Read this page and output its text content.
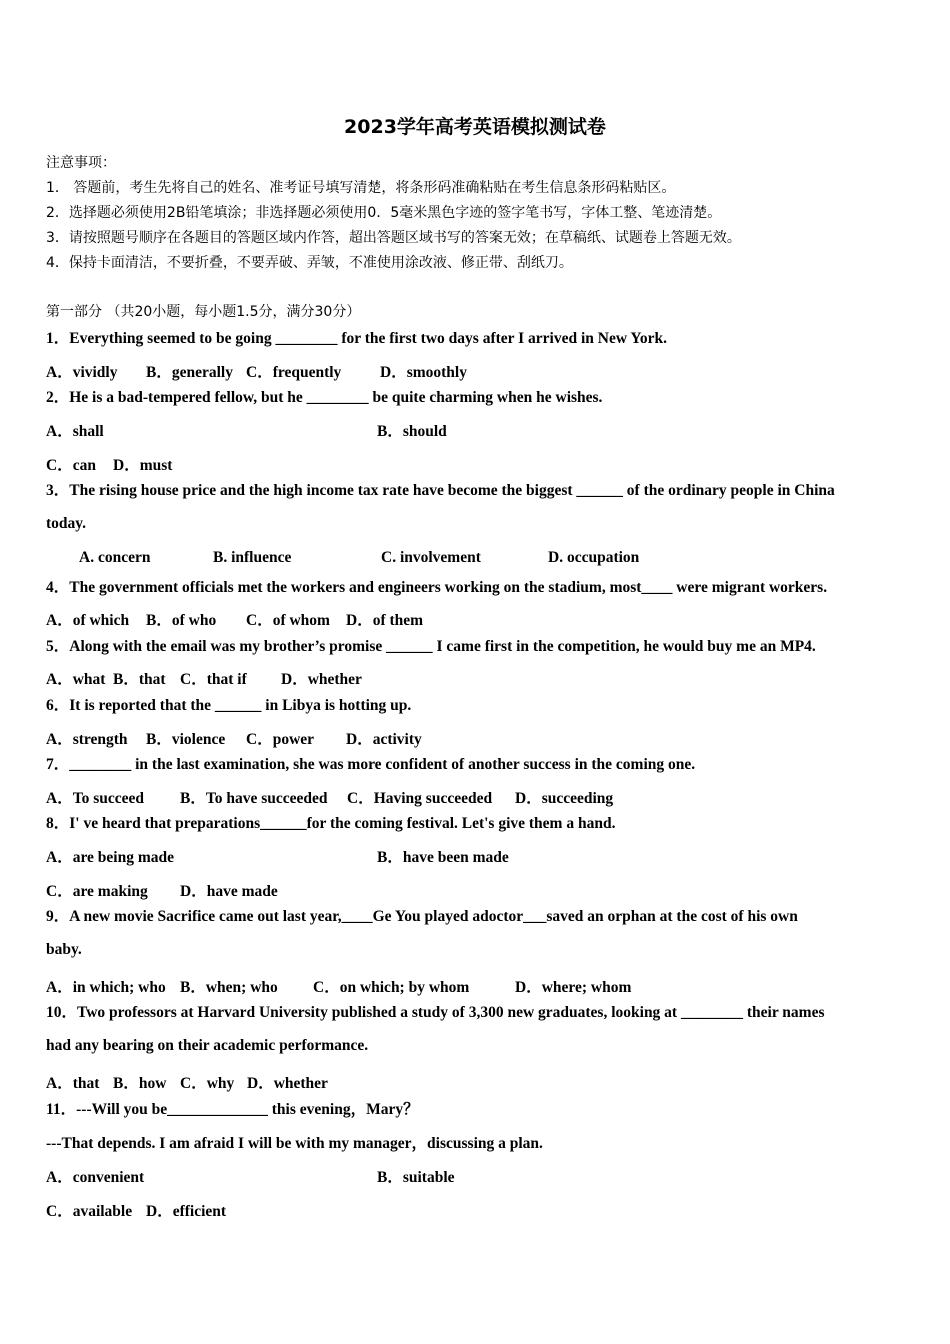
2023学年高考英语模拟测试卷
注意事项：
1． 答题前，考生先将自己的姓名、准考证号填写清楚，将条形码准确粘贴在考生信息条形码粘贴区。
2．选择题必须使用2B铅笔填涂；非选择题必须使用0．5毫米黑色字迹的签字笔书写，字体工整、笔迹清楚。
3．请按照题号顺序在各题目的答题区域内作答，超出答题区域书写的答案无效；在草稿纸、试题卷上答题无效。
4．保持卡面清洁，不要折叠，不要弄破、弄皱，不准使用涂改液、修正带、刮纸刀。
第一部分 （共20小题，每小题1.5分，满分30分）
1．Everything seemed to be going ________ for the first two days after I arrived in New York.
A．vividly B．generally C．frequently D．smoothly
2．He is a bad-tempered fellow, but he ________ be quite charming when he wishes.
A．shall	B．should
C．can D．must
3．The rising house price and the high income tax rate have become the biggest ______ of the ordinary people in China
today.
A. concern	B. influence	C. involvement	D. occupation
4．The government officials met the workers and engineers working on the stadium, most____ were migrant workers.
A．of which B．of who C．of whom D．of them
5．Along with the email was my brother’s promise ______ I came first in the competition, he would buy me an MP4.
A．what B．that C．that if D．whether
6．It is reported that the ______ in Libya is hotting up.
A．strength B．violence C．power D．activity
7．________ in the last examination, she was more confident of another success in the coming one.
A．To succeed B．To have succeeded C．Having succeeded D．succeeding
8．I' ve heard that preparations______for the coming festival. Let's give them a hand.
A．are being made	B．have been made
C．are making D．have made
9．A new movie Sacrifice came out last year,____Ge You played adoctor___saved an orphan at the cost of his own
baby.
A．in which; who B．when; who C．on which; by whom	D．where; whom
10．Two professors at Harvard University published a study of 3,300 new graduates, looking at ________ their names
had any bearing on their academic performance.
A．that B．how C．why D．whether
11．---Will you be_____________ this evening，Mary？
---That depends. I am afraid I will be with my manager，discussing a plan.
A．convenient	B．suitable
C．available D．efficient
